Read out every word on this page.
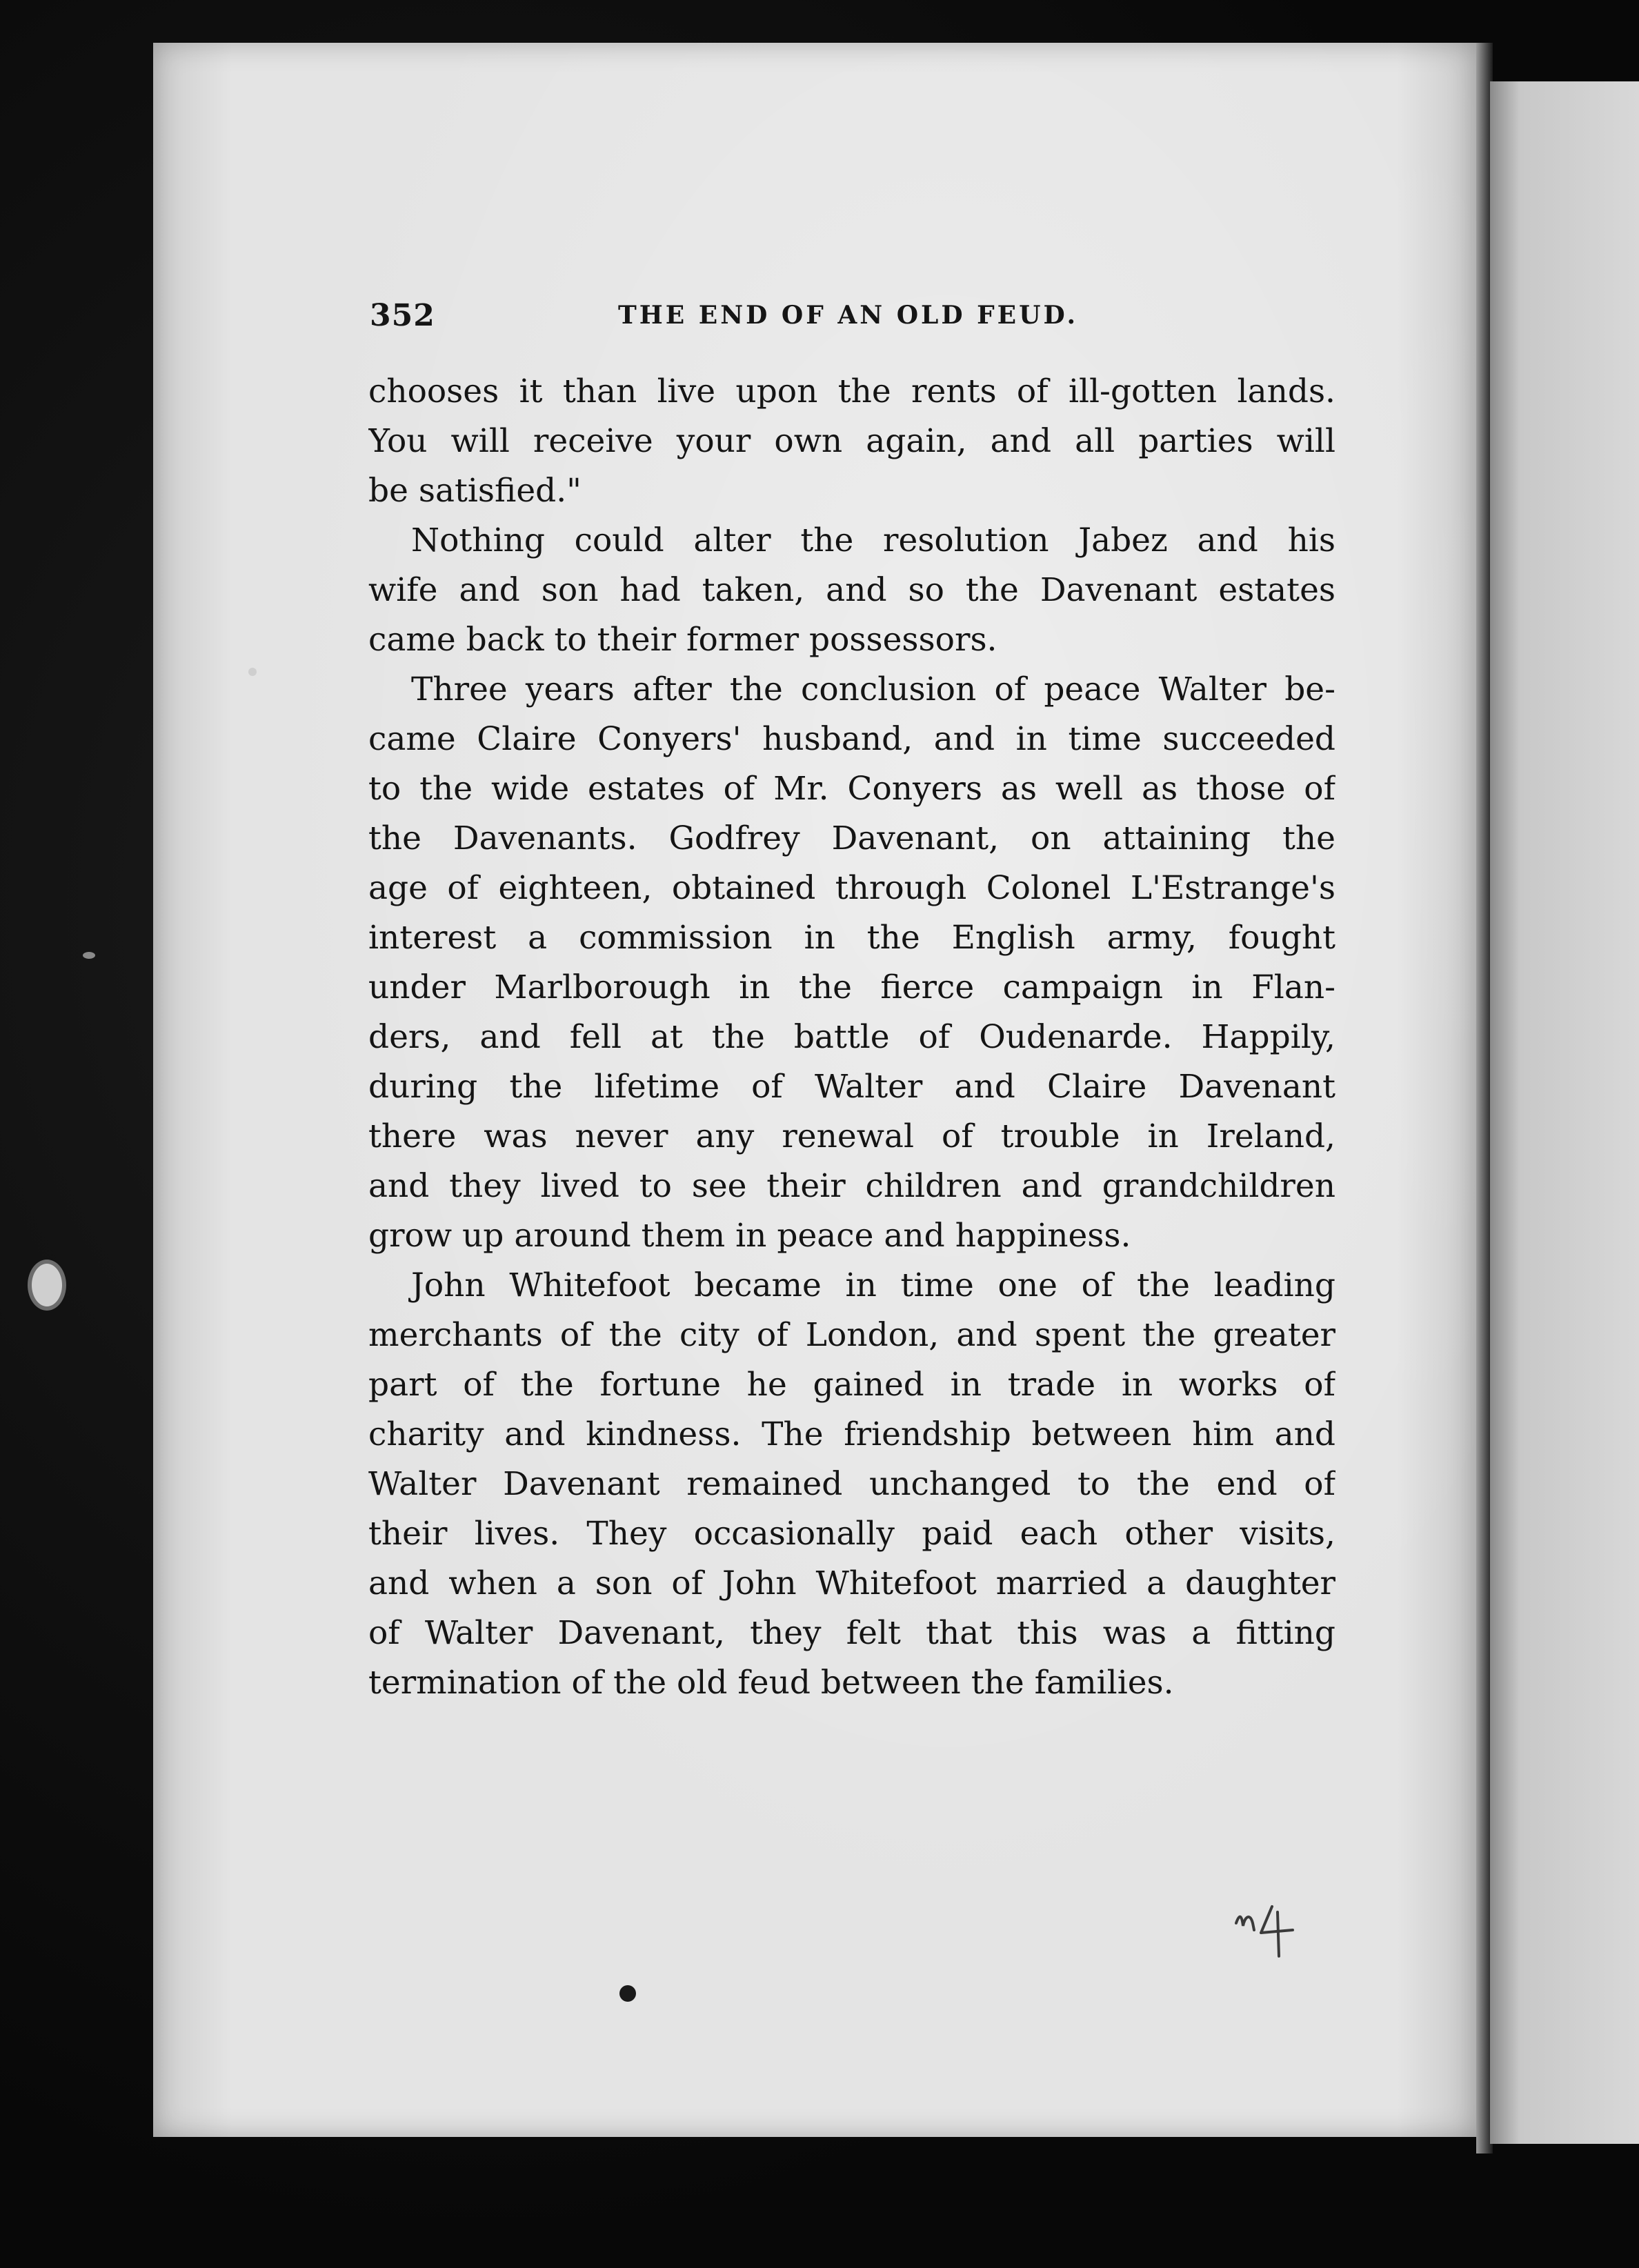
352	THE END OF AN OLD FEUD.
chooses it than live upon the rents of ill-gotten lands.
You will receive your own again, and all parties will
be satisfied."
Nothing could alter the resolution Jabez and his
wife and son had taken, and so the Davenant estates
came back to their former possessors.
Three years after the conclusion of peace Walter be-
came Claire Conyers' husband, and in time succeeded
to the wide estates of Mr. Conyers as well as those of
the Davenants. Godfrey Davenant, on attaining the
age of eighteen, obtained through Colonel L'Estrange's
interest a commission in the English army, fought
under Marlborough in the fierce campaign in Flan-
ders, and fell at the battle of Oudenarde. Happily,
during the lifetime of Walter and Claire Davenant
there was never any renewal of trouble in Ireland,
and they lived to see their children and grandchildren
grow up around them in peace and happiness.
John Whitefoot became in time one of the leading
merchants of the city of London, and spent the greater
part of the fortune he gained in trade in works of
charity and kindness. The friendship between him and
Walter Davenant remained unchanged to the end of
their lives. They occasionally paid each other visits,
and when a son of John Whitefoot married a daughter
of Walter Davenant, they felt that this was a fitting
termination of the old feud between the families.
